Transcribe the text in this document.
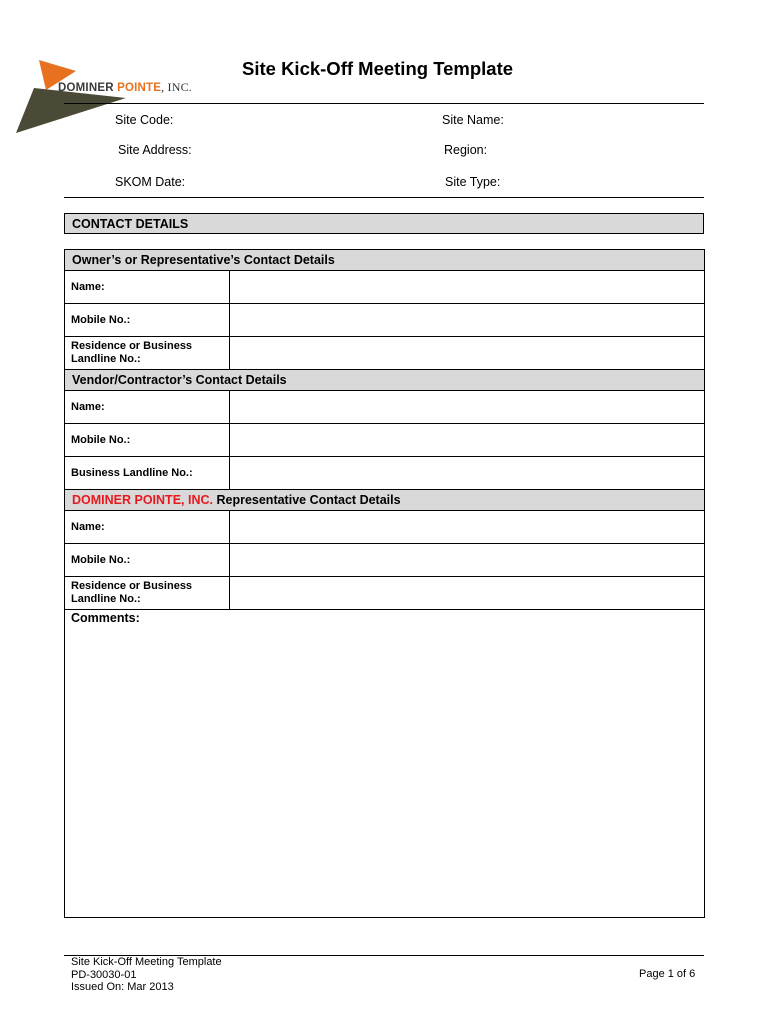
DOMINER POINTE, INC.
Site Kick-Off Meeting Template
Site Code:	Site Name:
Site Address:	Region:
SKOM Date:	Site Type:
CONTACT DETAILS
Owner’s or Representative’s Contact Details	
Name:	
Mobile No.:	
Residence or Business Landline No.:	
Vendor/Contractor’s Contact Details	
Name:	
Mobile No.:	
Business Landline No.:	
DOMINER POINTE, INC. Representative Contact Details	
Name:	
Mobile No.:	
Residence or Business Landline No.:	
Comments:	
Site Kick-Off Meeting Template
PD-30030-01
Issued On: Mar 2013
Page 1 of 6
